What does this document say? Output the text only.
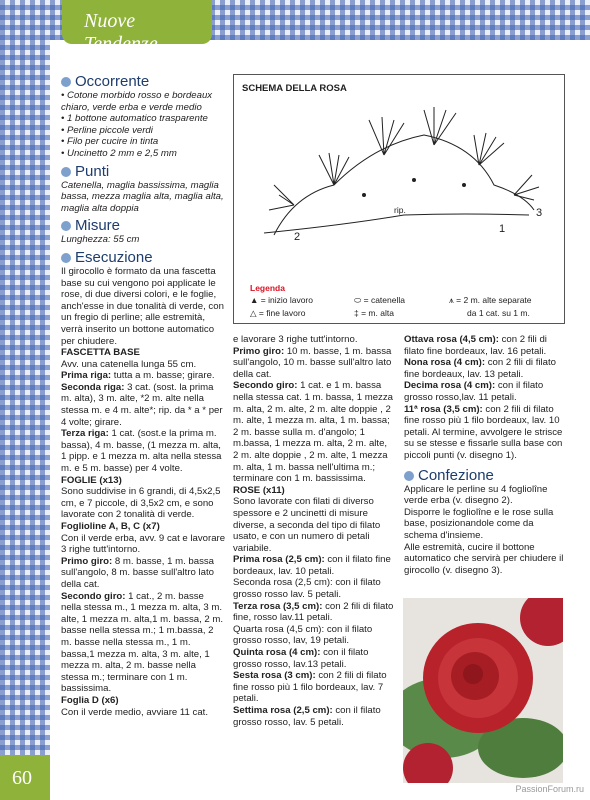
Nuove Tendenze
Occorrente
• Cotone morbido rosso e bordeaux chiaro, verde erba e verde medio
• 1 bottone automatico trasparente
• Perline piccole verdi
• Filo per cucire in tinta
• Uncinetto 2 mm e 2,5 mm
Punti

Catenella, maglia bassissima, maglia bassa, mezza maglia alta, maglia alta, maglia alta doppia

Misure

Lunghezza: 55 cm

Esecuzione

Il girocollo è formato da una fascetta base su cui vengono poi applicate le rose, di due diversi colori, e le foglie, anch'esse in due tonalità di verde, con un fregio di perline; alle estremità, verrà inserito un bottone automatico per chiudere.

FASCETTA BASE

Avv. una catenella lunga 55 cm.

Prima riga: tutta a m. basse; girare.

Seconda riga: 3 cat. (sost. la prima m. alta), 3 m. alte, *2 m. alte nella stessa m. e 4 m. alte*; rip. da * a * per 4 volte; girare.

Terza riga: 1 cat. (sost.e la prima m. bassa), 4 m. basse, (1 mezza m. alta, 1 pipp. e 1 mezza m. alta nella stessa m. e 5 m. basse) per 4 volte.

FOGLIE (x13)

Sono suddivise in 6 grandi, di 4,5x2,5 cm, e 7 piccole, di 3,5x2 cm, e sono lavorate con 2 tonalità di verde.

Foglioline A, B, C (x7)

Con il verde erba, avv. 9 cat e lavorare 3 righe tutt'intorno.

Primo giro: 8 m. basse, 1 m. bassa sull'angolo, 8 m. basse sull'altro lato della cat.

Secondo giro: 1 cat., 2 m. basse nella stessa m., 1 mezza m. alta, 3 m. alte, 1 mezza m. alta,1 m. bassa, 2 m. basse nella stessa m.; 1 m.bassa, 2 m. basse nella stessa m., 1 m. bassa,1 mezza m. alta, 3 m. alte, 1 mezza m. alta, 2 m. basse nella stessa m.; terminare con 1 m. bassissima.

Foglia D (x6)

Con il verde medio, avviare 11 cat.

SCHEMA DELLA ROSA
rip.
1
2
3
Legenda
▲ = inizio lavoro
△ = fine lavoro
⬭ = catenella
‡ = m. alta
⩚ = 2 m. alte separate
da 1 cat. su 1 m.

e lavorare 3 righe tutt'intorno.

Primo giro: 10 m. basse, 1 m. bassa sull'angolo, 10 m. basse sull'altro lato della cat.

Secondo giro: 1 cat. e 1 m. bassa nella stessa cat. 1 m. bassa, 1 mezza m. alta, 2 m. alte, 2 m. alte doppie , 2 m. alte, 1 mezza m. alta, 1 m. bassa; 2 m. basse sulla m. d'angolo; 1 m.bassa, 1 mezza m. alta, 2 m. alte, 2 m. alte doppie , 2 m. alte, 1 mezza m. alta, 1 m. bassa nell'ultima m.; terminare con 1 m. bassissima.

ROSE (x11)

Sono lavorate con filati di diverso spessore e 2 uncinetti di misure diverse, a seconda del tipo di filato usato, e con un numero di petali variabile.

Prima rosa (2,5 cm): con il filato fine bordeaux, lav. 10 petali.

Seconda rosa (2,5 cm): con il filato grosso rosso lav. 5 petali.

Terza rosa (3,5 cm): con 2 fili di filato fine, rosso lav.11 petali.

Quarta rosa (4,5 cm): con il filato grosso rosso, lav, 19 petali.

Quinta rosa (4 cm): con il filato grosso rosso, lav.13 petali.

Sesta rosa (3 cm): con 2 fili di filato fine rosso più 1 filo bordeaux, lav. 7 petali.

Settima rosa (2,5 cm): con il filato grosso rosso, lav. 5 petali.

Ottava rosa (4,5 cm): con 2 fili di filato fine bordeaux, lav. 16 petali.

Nona rosa (4 cm): con 2 fili di filato fine bordeaux, lav. 13 petali.

Decima rosa (4 cm): con il filato grosso rosso,lav. 11 petali.

11ª rosa (3,5 cm): con 2 fili di filato fine rosso più 1 filo bordeaux, lav. 10 petali. Al termine, avvolgere le strisce su se stesse e fissarle sulla base con piccoli punti (v. disegno 1).

Confezione

Applicare le perline su 4 fogliolîne verde erba (v. disegno 2).

Disporre le fogliolîne e le rose sulla base, posizionandole come da schema d'insieme.

Alle estremità, cucire il bottone automatico che servirà per chiudere il girocollo (v. disegno 3).

60	PassionForum.ru
